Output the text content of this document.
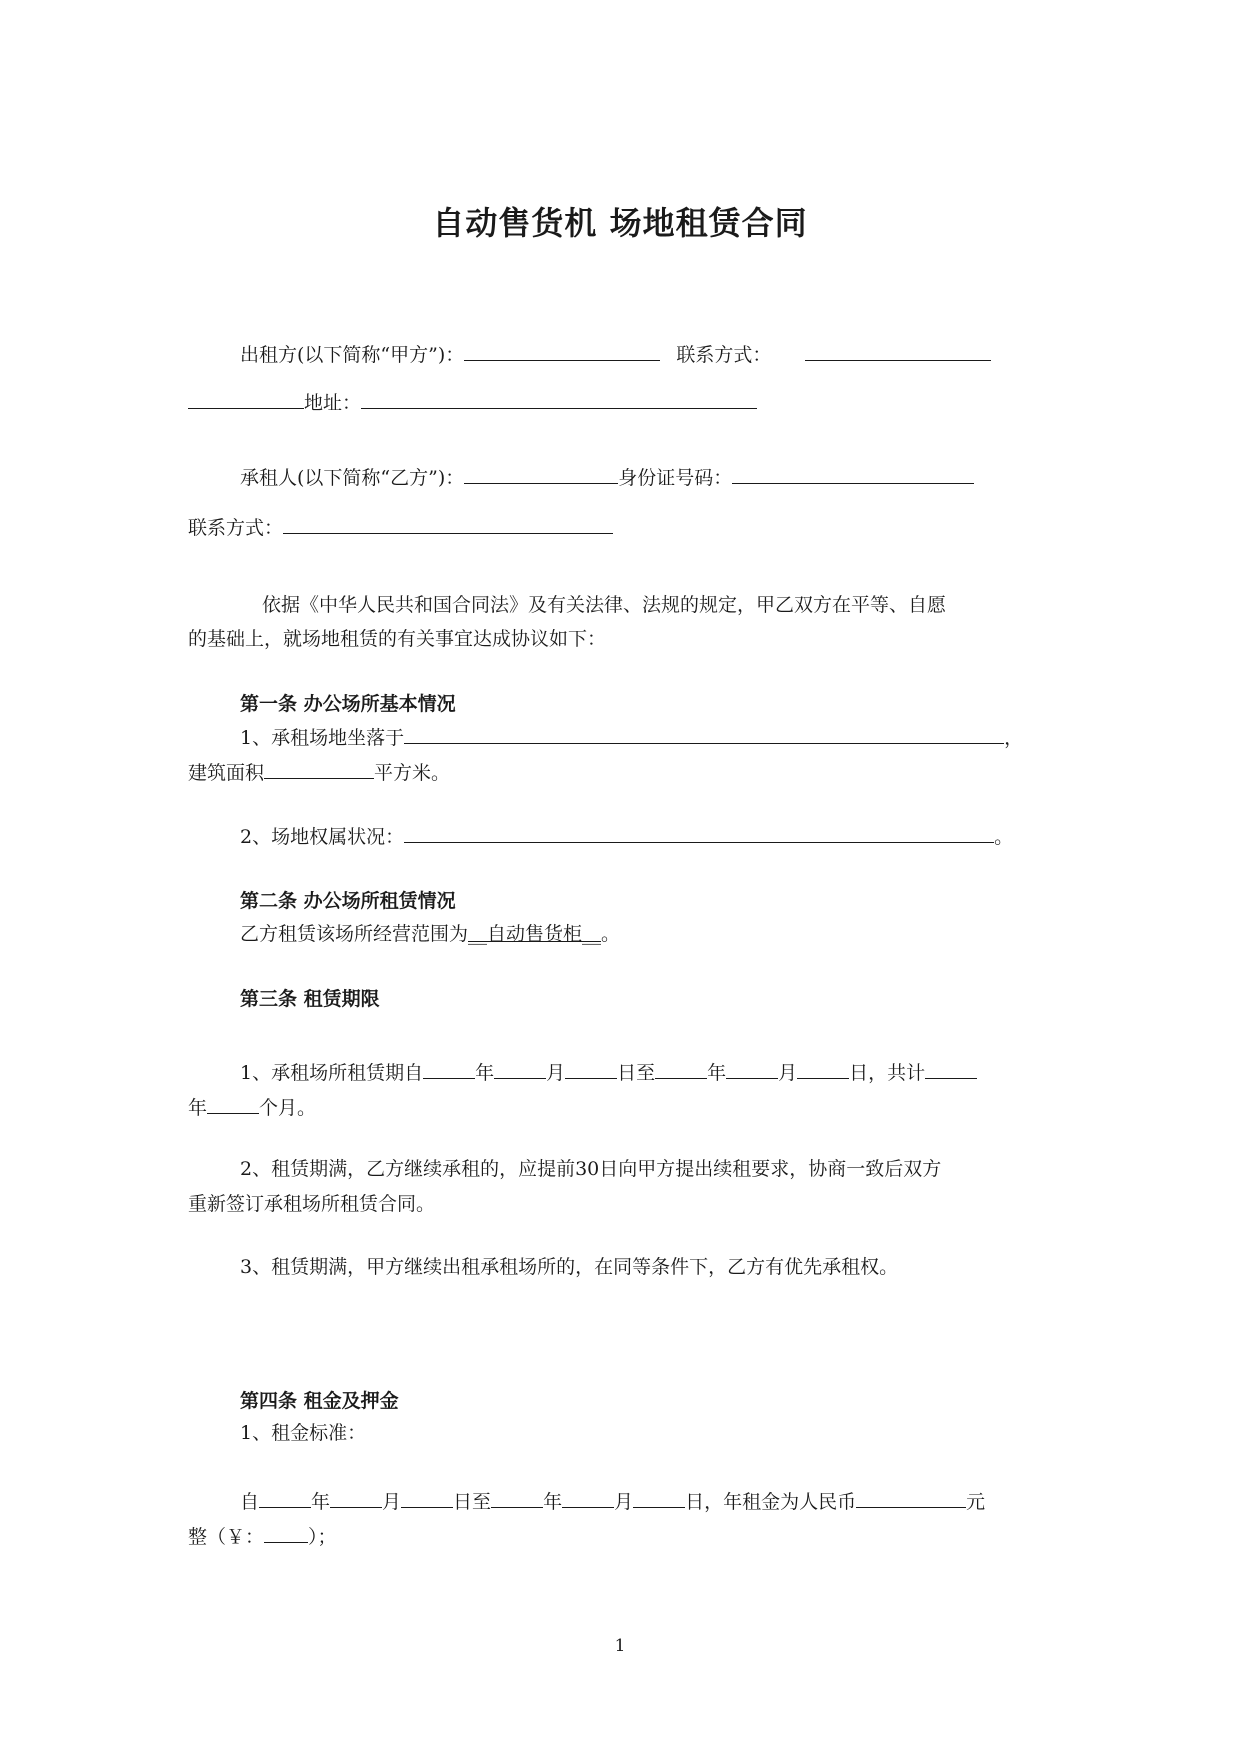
自动售货机 场地租赁合同
出租方(以下简称“甲方”)：	联系方式：
地址：
承租人(以下简称“乙方”)：	身份证号码：
联系方式：
依据《中华人民共和国合同法》及有关法律、法规的规定，甲乙双方在平等、自愿
的基础上，就场地租赁的有关事宜达成协议如下：
第一条 办公场所基本情况
1、承租场地坐落于	，
建筑面积	平方米。
2、场地权属状况：	。
第二条 办公场所租赁情况
乙方租赁该场所经营范围为__自动售货柜__。
第三条 租赁期限
1、承租场所租赁期自	年	月	日至	年	月	日，共计
年	个月。
2、租赁期满，乙方继续承租的，应提前30日向甲方提出续租要求，协商一致后双方
重新签订承租场所租赁合同。
3、租赁期满，甲方继续出租承租场所的，在同等条件下，乙方有优先承租权。
第四条 租金及押金
1、租金标准：
自	年	月	日至	年	月	日，年租金为人民币	元
整（￥： ）；
1
